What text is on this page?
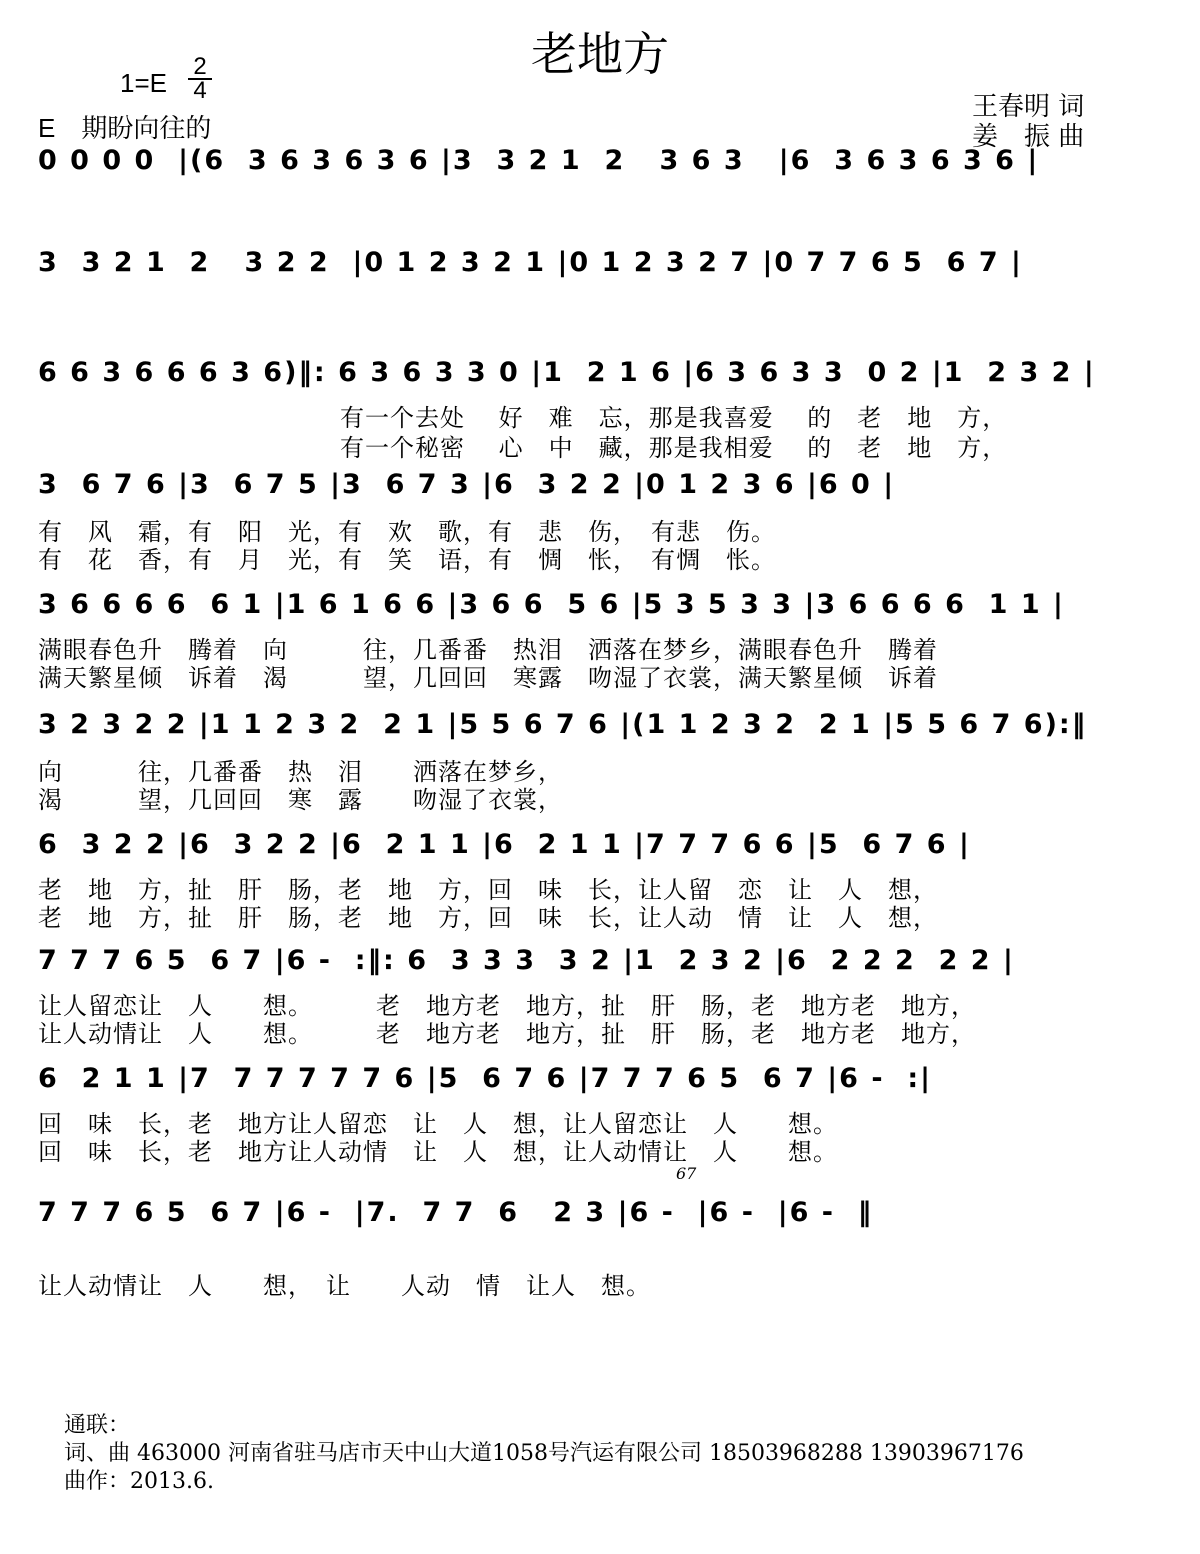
老地方
1=E
2
4
E　期盼向往的
王春明 词
姜　振 曲
0 0 0 0  |(6  3 6 3 6 3 6 |3  3 2 1  2   3 6 3   |6  3 6 3 6 3 6 |
3  3 2 1  2   3 2 2  |0 1 2 3 2 1 |0 1 2 3 2 7 |0 7 7 6 5  6 7 |
6 6 3 6 6 6 3 6)‖: 6 3 6 3 3 0 |1  2 1 6 |6 3 6 3 3  0 2 |1  2 3 2 |
有一个去处　 好　难　忘，那是我喜爱　 的　老　地　方，
有一个秘密　 心　中　藏，那是我相爱　 的　老　地　方，
3  6 7 6 |3  6 7 5 |3  6 7 3 |6  3 2 2 |0 1 2 3 6 |6 0 |
有　风　霜，有　阳　光，有　欢　歌，有　悲　伤，　有悲　伤。
有　花　香，有　月　光，有　笑　语，有　惆　怅，　有惆　怅。
3 6 6 6 6  6 1 |1 6 1 6 6 |3 6 6  5 6 |5 3 5 3 3 |3 6 6 6 6  1 1 |
满眼春色升　腾着　向　　　往，几番番　热泪　洒落在梦乡，满眼春色升　腾着
满天繁星倾　诉着　渴　　　望，几回回　寒露　吻湿了衣裳，满天繁星倾　诉着
3 2 3 2 2 |1 1 2 3 2  2 1 |5 5 6 7 6 |(1 1 2 3 2  2 1 |5 5 6 7 6):‖
向　　　往，几番番　热　泪　　洒落在梦乡，
渴　　　望，几回回　寒　露　　吻湿了衣裳，
6  3 2 2 |6  3 2 2 |6  2 1 1 |6  2 1 1 |7 7 7 6 6 |5  6 7 6 |
老　地　方，扯　肝　肠，老　地　方，回　味　长，让人留　恋　让　人　想，
老　地　方，扯　肝　肠，老　地　方，回　味　长，让人动　情　让　人　想，
7 7 7 6 5  6 7 |6 -  :‖: 6  3 3 3  3 2 |1  2 3 2 |6  2 2 2  2 2 |
让人留恋让　人　　想。　　　老　地方老　地方，扯　肝　肠，老　地方老　地方，
让人动情让　人　　想。　　　老　地方老　地方，扯　肝　肠，老　地方老　地方，
6  2 1 1 |7  7 7 7 7 7 6 |5  6 7 6 |7 7 7 6 5  6 7 |6 -  :|
回　味　长，老　地方让人留恋　让　人　想，让人留恋让　人　　想。
回　味　长，老　地方让人动情　让　人　想，让人动情让　人　　想。
67
7 7 7 6 5  6 7 |6 -  |7.  7 7  6   2 3 |6 -  |6 -  |6 -  ‖
让人动情让　人　　想，　让　　人动　情　让人　想。
通联：
词、曲 463000 河南省驻马店市天中山大道1058号汽运有限公司 18503968288 13903967176
曲作：2013.6.
